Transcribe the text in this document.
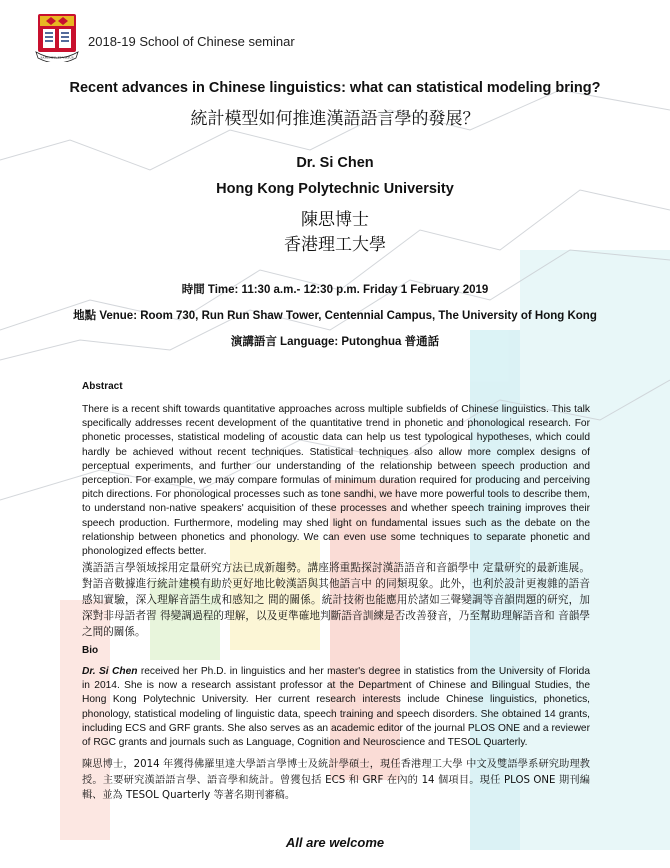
SAPIENTIA ET VIRTUS
2018-19 School of Chinese seminar
Recent advances in Chinese linguistics: what can statistical modeling bring?
統計模型如何推進漢語語言學的發展？
Dr. Si Chen
Hong Kong Polytechnic University
陳思博士
香港理工大學
時間 Time: 11:30 a.m.- 12:30 p.m. Friday 1 February 2019
地點 Venue: Room 730, Run Run Shaw Tower, Centennial Campus, The University of Hong Kong
演講語言 Language: Putonghua 普通話
Abstract
There is a recent shift towards quantitative approaches across multiple subfields of Chinese linguistics. This talk specifically addresses recent development of the quantitative trend in phonetic and phonological research. For phonetic processes, statistical modeling of acoustic data can help us test typological hypotheses, which could hardly be achieved without recent techniques. Statistical techniques also allow more complex designs of perceptual experiments, and further our understanding of the relationship between speech production and perception. For example, we may compare formulas of minimum duration required for producing and perceiving pitch directions. For phonological processes such as tone sandhi, we have more powerful tools to describe them, to understand non-native speakers' acquisition of these processes and whether speech training improves their speech production. Furthermore, modeling may shed light on fundamental issues such as the debate on the relationship between phonetics and phonology. We can even use some techniques to separate phonetic and phonologized effects better.
漢語語言學領域採用定量研究方法已成新趨勢。講座將重點探討漢語語音和音韻學中 定量研究的最新進展。對語音數據進行統計建模有助於更好地比較漢語與其他語言中 的同類現象。此外，也利於設計更複雜的語音感知實驗，深入理解音語生成和感知之 間的關係。統計技術也能應用於諸如三聲變調等音韻問題的研究，加深對非母語者習 得變調過程的理解，以及更準確地判斷語音訓練是否改善發音，乃至幫助理解語音和 音韻學之間的關係。
Bio
Dr. Si Chen received her Ph.D. in linguistics and her master's degree in statistics from the University of Florida in 2014. She is now a research assistant professor at the Department of Chinese and Bilingual Studies, the Hong Kong Polytechnic University. Her current research interests include Chinese linguistics, phonetics, phonology, statistical modeling of linguistic data, speech training and speech disorders. She obtained 14 grants, including ECS and GRF grants. She also serves as an academic editor of the journal PLOS ONE and a reviewer of RGC grants and journals such as Language, Cognition and Neuroscience and TESOL Quarterly.
陳思博士，2014 年獲得佛羅里達大學語言學博士及統計學碩士，現任香港理工大學 中文及雙語學系研究助理教授。主要研究漢語語言學、語音學和統計。曾獲包括 ECS 和 GRF 在內的 14 個項目。現任 PLOS ONE 期刊編輯、並為 TESOL Quarterly 等著名期刊審稿。
All are welcome
